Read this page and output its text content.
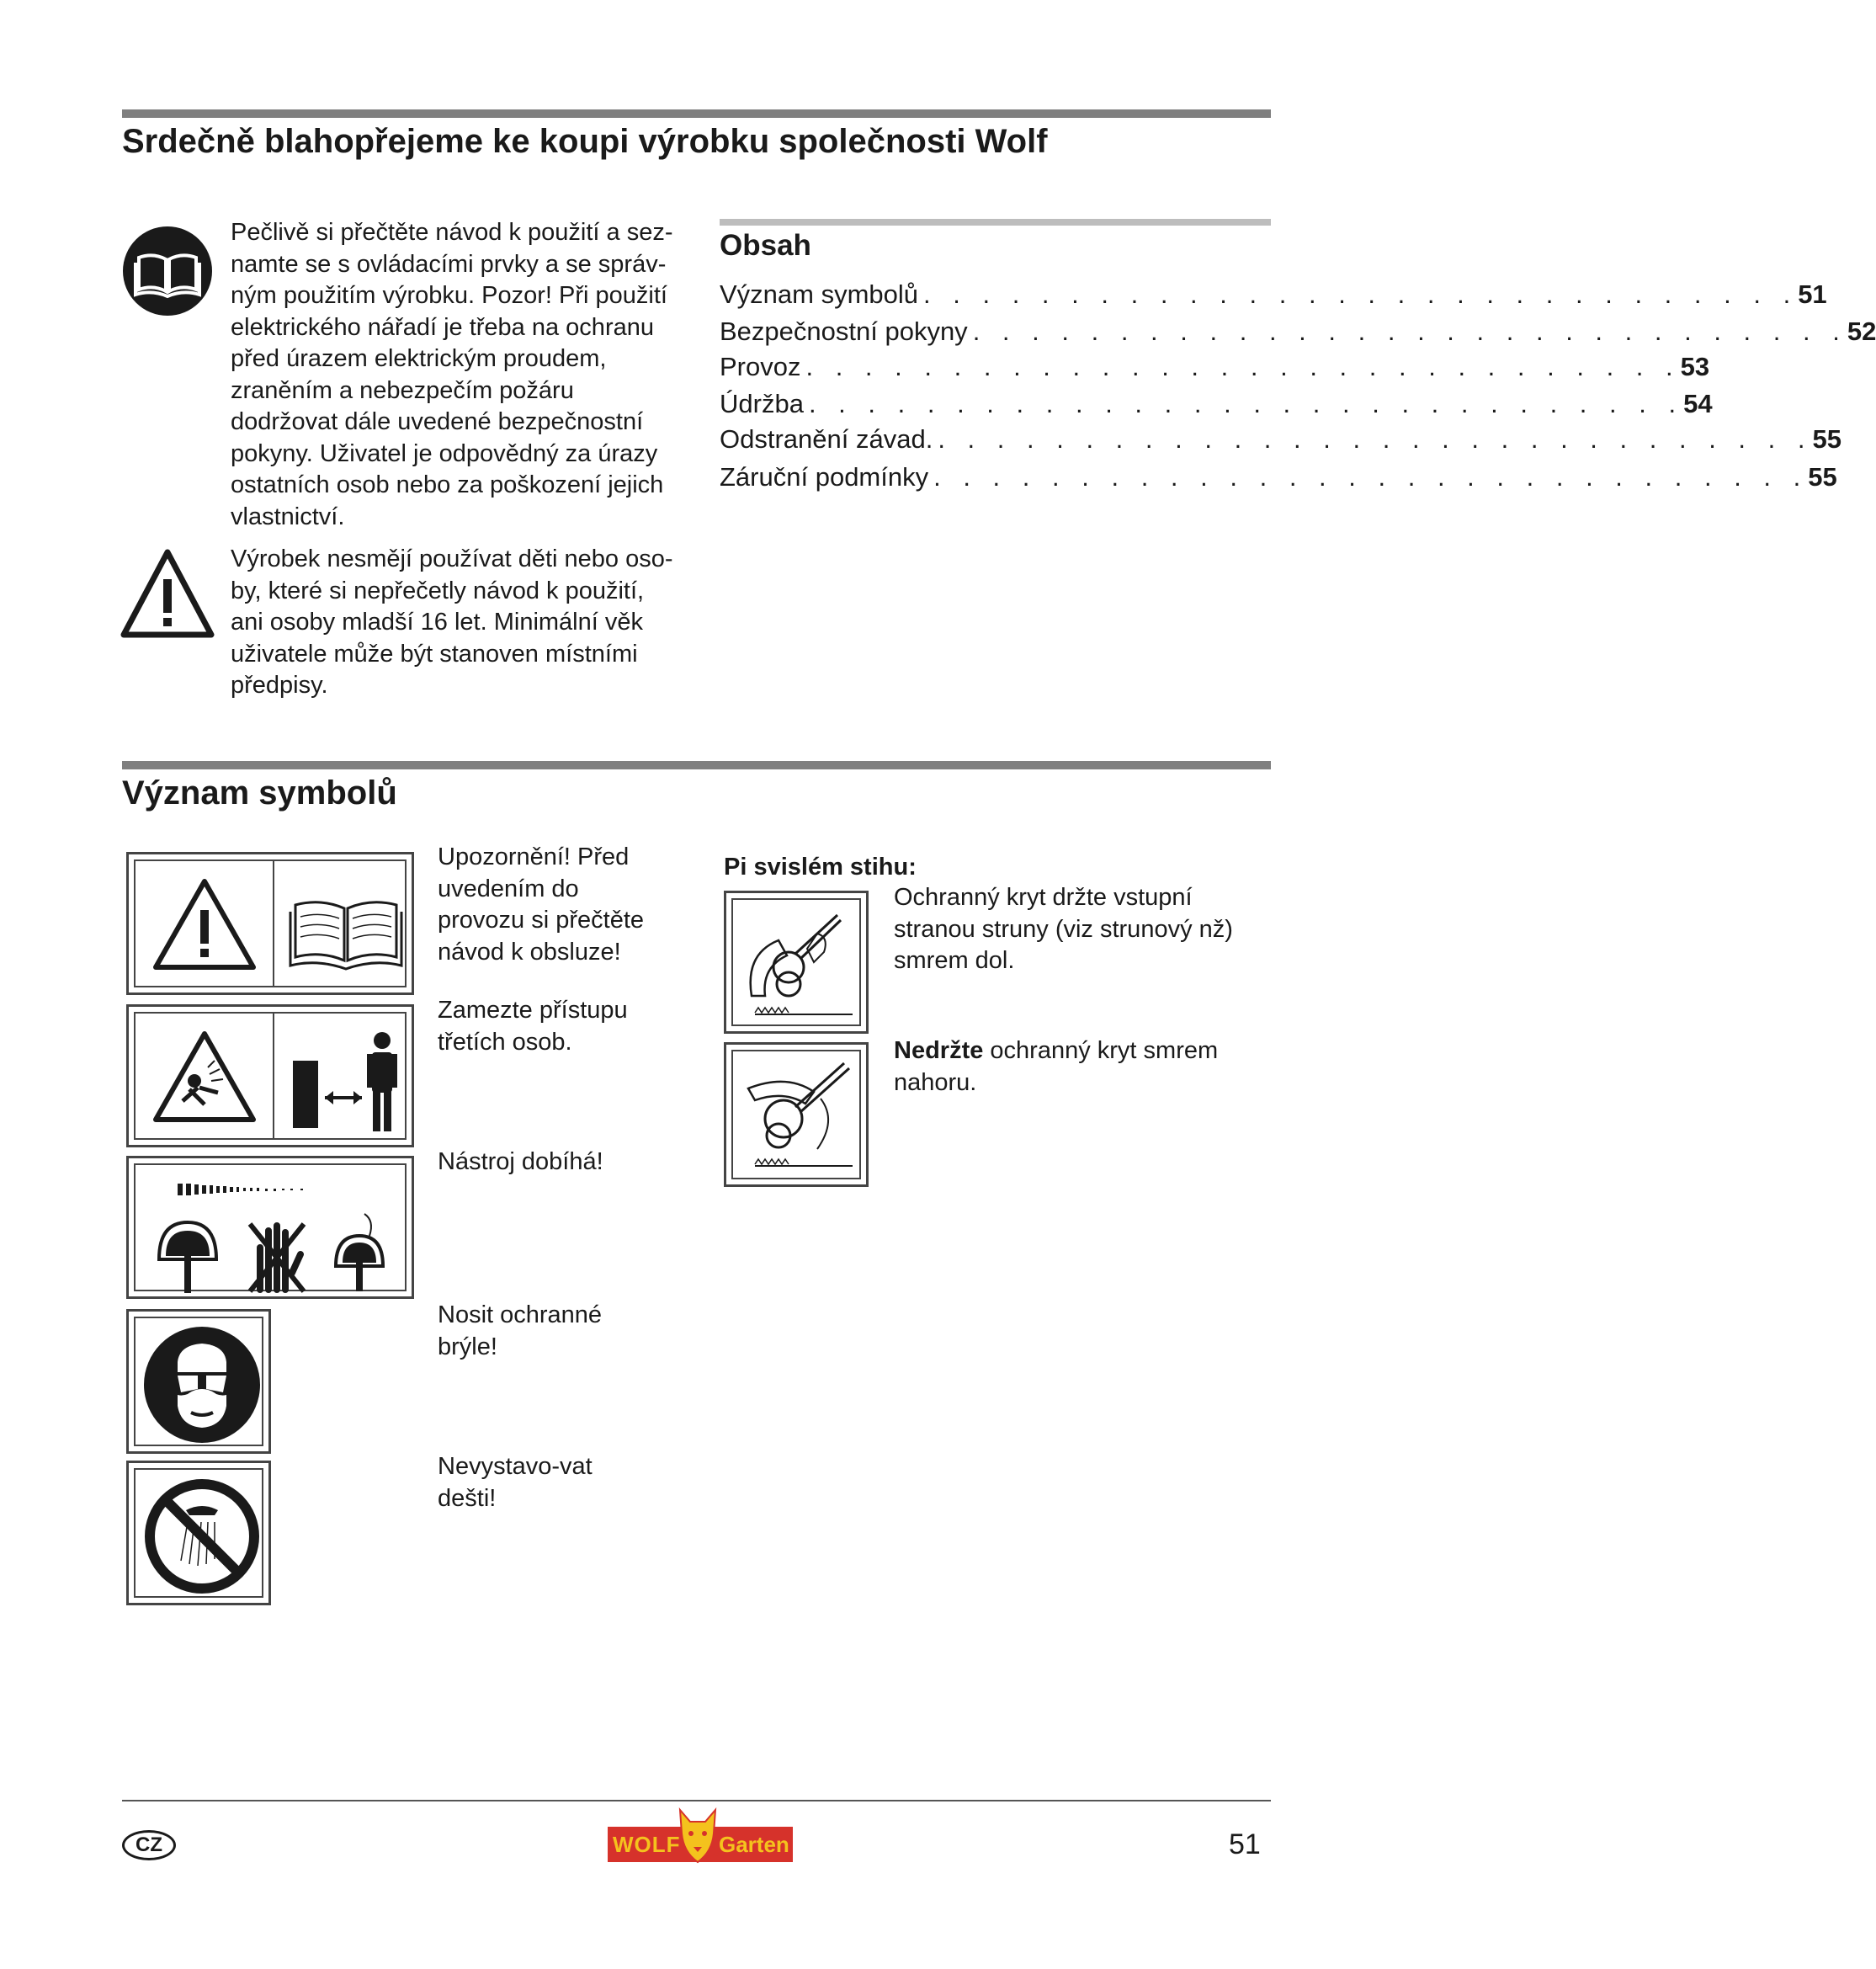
Srdečně blahopřejeme ke koupi výrobku společnosti Wolf
Pečlivě si přečtěte návod k použití a sez-
namte se s ovládacími prvky a se správ-
ným použitím výrobku. Pozor! Při použití
elektrického nářadí je třeba na ochranu
před úrazem elektrickým proudem,
zraněním a nebezpečím požáru
dodržovat dále uvedené bezpečnostní
pokyny. Uživatel je odpovědný za úrazy
ostatních osob nebo za poškození jejich
vlastnictví.
Výrobek nesmějí používat děti nebo oso-
by, které si nepřečetly návod k použití,
ani osoby mladší 16 let. Minimální věk
uživatele může být stanoven místními
předpisy.
Obsah
Význam symbolů . . . . . . . . . . . . . . . . . . . . . . . . . . . . . . 51
Bezpečnostní pokyny . . . . . . . . . . . . . . . . . . . . . . . . . . . . . . 52
Provoz . . . . . . . . . . . . . . . . . . . . . . . . . . . . . . 53
Údržba . . . . . . . . . . . . . . . . . . . . . . . . . . . . . . 54
Odstranění závad. . . . . . . . . . . . . . . . . . . . . . . . . . . . . . . 55
Záruční podmínky . . . . . . . . . . . . . . . . . . . . . . . . . . . . . . 55
Význam symbolů
Upozornění! Před
uvedením do
provozu si přečtěte
návod k obsluze!
Zamezte přístupu
třetích osob.
Nástroj dobíhá!
Nosit ochranné
brýle!
Nevystavo-vat
dešti!
Pi svislém stihu:
Ochranný kryt držte vstupní
stranou struny (viz strunový nž)
smrem dol.
Nedržte ochranný kryt smrem
nahoru.
CZ	WOLF Garten	51
